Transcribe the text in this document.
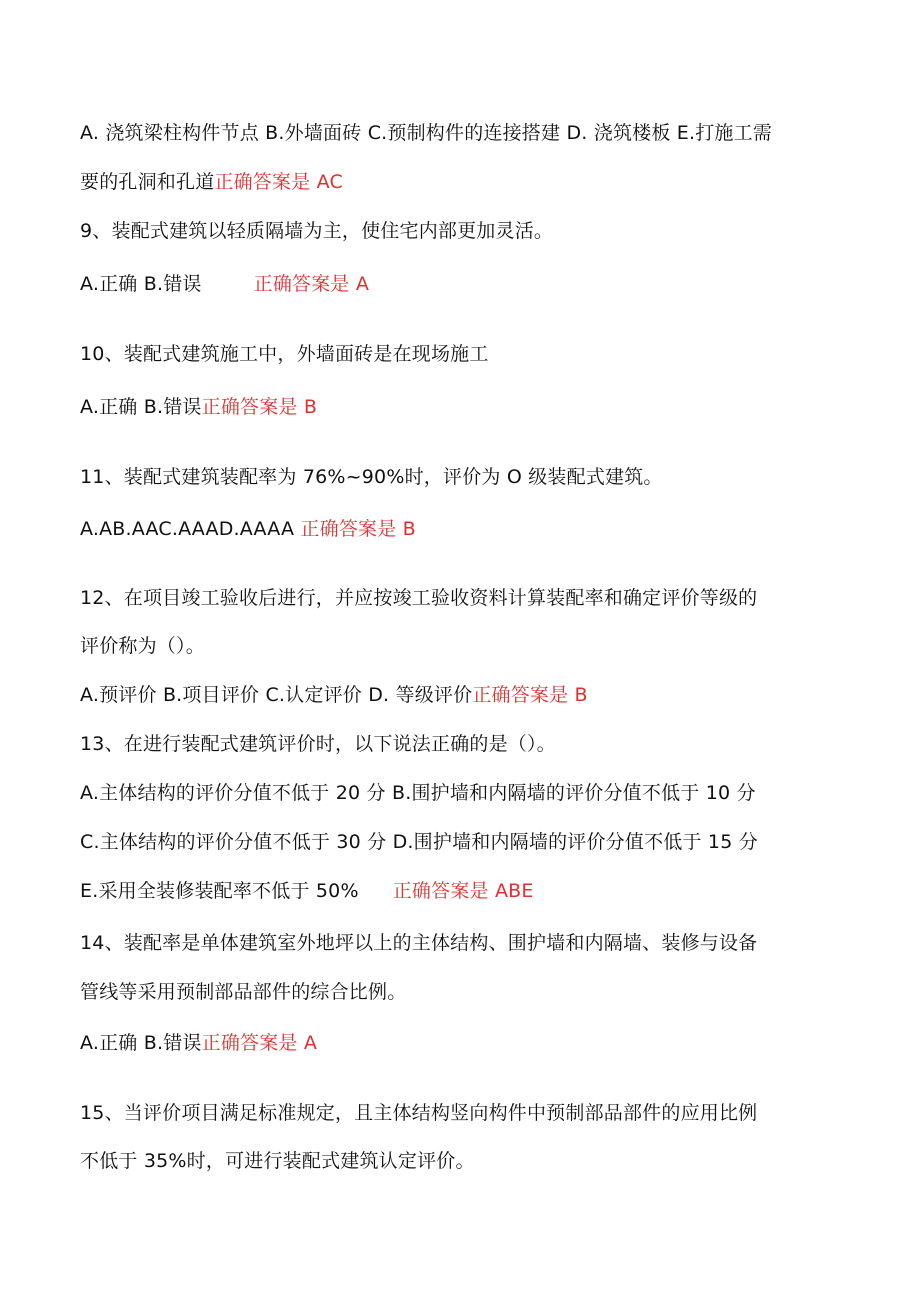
A. 浇筑梁柱构件节点 B.外墙面砖 C.预制构件的连接搭建 D. 浇筑楼板 E.打施工需
要的孔洞和孔道正确答案是 AC
9、装配式建筑以轻质隔墙为主，使住宅内部更加灵活。
A.正确 B.错误	正确答案是 A
10、装配式建筑施工中，外墙面砖是在现场施工
A.正确 B.错误正确答案是 B
11、装配式建筑装配率为 76%~90%时，评价为 O 级装配式建筑。
A.AB.AAC.AAAD.AAAA 正确答案是 B
12、在项目竣工验收后进行，并应按竣工验收资料计算装配率和确定评价等级的
评价称为（）。
A.预评价 B.项目评价 C.认定评价 D. 等级评价正确答案是 B
13、在进行装配式建筑评价时，以下说法正确的是（）。
A.主体结构的评价分值不低于 20 分 B.围护墙和内隔墙的评价分值不低于 10 分
C.主体结构的评价分值不低于 30 分 D.围护墙和内隔墙的评价分值不低于 15 分
E.采用全装修装配率不低于 50% 正确答案是 ABE
14、装配率是单体建筑室外地坪以上的主体结构、围护墙和内隔墙、装修与设备
管线等采用预制部品部件的综合比例。
A.正确 B.错误正确答案是 A
15、当评价项目满足标准规定，且主体结构竖向构件中预制部品部件的应用比例
不低于 35%时，可进行装配式建筑认定评价。
